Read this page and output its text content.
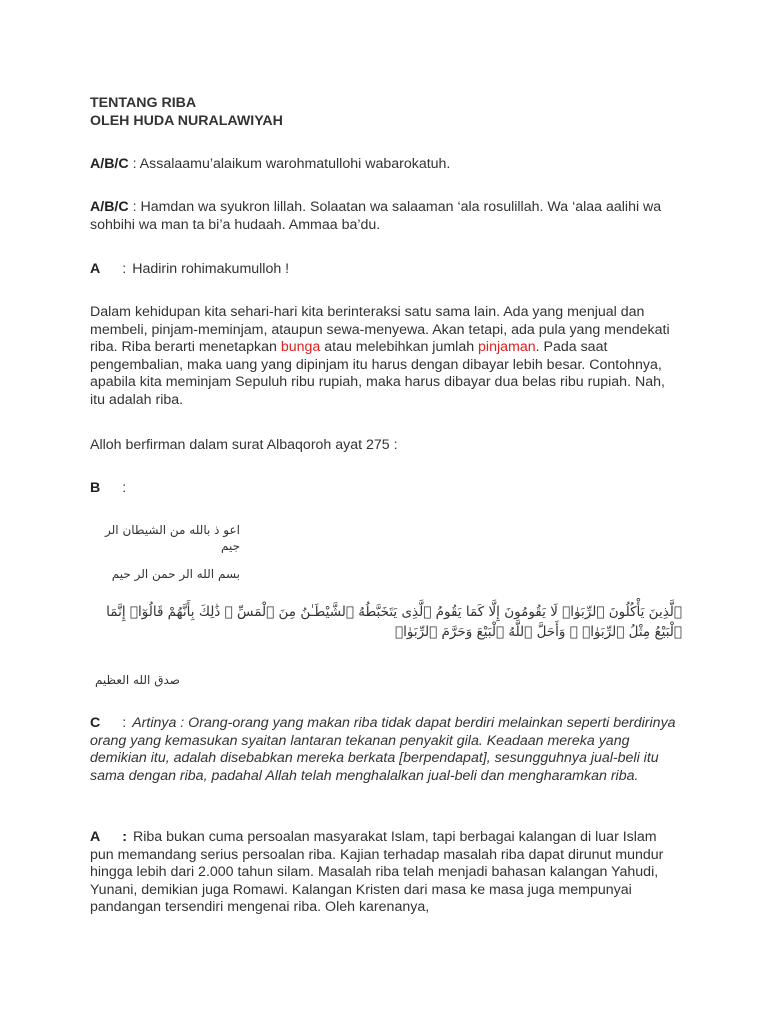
TENTANG RIBA
OLEH HUDA NURALAWIYAH
A/B/C : Assalaamu’alaikum warohmatullohi wabarokatuh.
A/B/C : Hamdan wa syukron lillah. Solaatan wa salaaman ‘ala rosulillah. Wa ‘alaa aalihi wa sohbihi wa man ta bi’a hudaah. Ammaa ba’du.
A : Hadirin rohimakumulloh !
Dalam kehidupan kita sehari-hari kita berinteraksi satu sama lain. Ada yang menjual dan membeli, pinjam-meminjam, ataupun sewa-menyewa. Akan tetapi, ada pula yang mendekati riba. Riba berarti menetapkan bunga atau melebihkan jumlah pinjaman. Pada saat pengembalian, maka uang yang dipinjam itu harus dengan dibayar lebih besar. Contohnya, apabila kita meminjam Sepuluh ribu rupiah, maka harus dibayar dua belas ribu rupiah. Nah, itu adalah riba.
Alloh berfirman dalam surat Albaqoroh ayat 275 :
B :
اعو ذ بالله من الشيطان الر جيم
بسم الله الر حمن الر حيم
ٱلَّذِينَ يَأْكُلُونَ ٱلرِّبَوٰا۟ لَا يَقُومُونَ إِلَّا كَمَا يَقُومُ ٱلَّذِى يَتَخَبَّطُهُ ٱلشَّيْطَـٰنُ مِنَ ٱلْمَسِّ ۚ ذَٰلِكَ بِأَنَّهُمْ قَالُوٓا۟ إِنَّمَا ٱلْبَيْعُ مِثْلُ ٱلرِّبَوٰا۟ ۗ وَأَحَلَّ ٱللَّهُ ٱلْبَيْعَ وَحَرَّمَ ٱلرِّبَوٰا۟
صدق الله العظيم
C : Artinya : Orang-orang yang makan riba tidak dapat berdiri melainkan seperti berdirinya orang yang kemasukan syaitan lantaran tekanan penyakit gila. Keadaan mereka yang demikian itu, adalah disebabkan mereka berkata [berpendapat], sesungguhnya jual-beli itu sama dengan riba, padahal Allah telah menghalalkan jual-beli dan mengharamkan riba.
A : Riba bukan cuma persoalan masyarakat Islam, tapi berbagai kalangan di luar Islam pun memandang serius persoalan riba. Kajian terhadap masalah riba dapat dirunut mundur hingga lebih dari 2.000 tahun silam. Masalah riba telah menjadi bahasan kalangan Yahudi, Yunani, demikian juga Romawi. Kalangan Kristen dari masa ke masa juga mempunyai pandangan tersendiri mengenai riba. Oleh karenanya,
